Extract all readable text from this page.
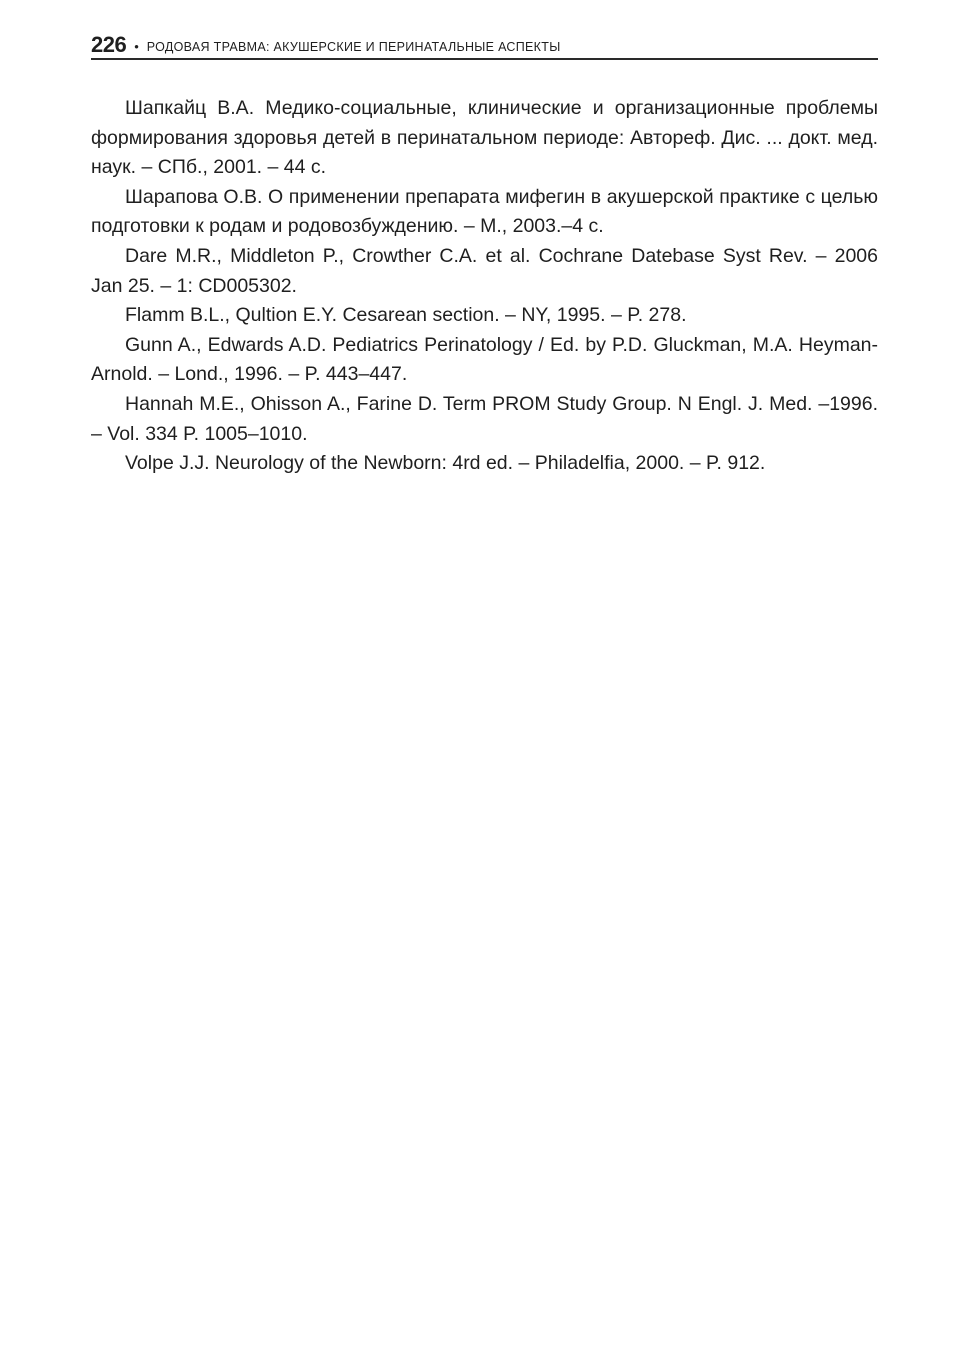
226 • РОДОВАЯ ТРАВМА: АКУШЕРСКИЕ И ПЕРИНАТАЛЬНЫЕ АСПЕКТЫ

Шапкайц В.А. Медико-социальные, клинические и организационные проблемы формирования здоровья детей в перинатальном периоде: Автореф. Дис. ... докт. мед. наук. – СПб., 2001. – 44 с.

Шарапова О.В. О применении препарата мифегин в акушерской практике с целью подготовки к родам и родовозбуждению. – М., 2003.–4 с.

Dare M.R., Middleton P., Crowther C.A. et al. Cochrane Datebase Syst Rev. – 2006 Jan 25. – 1: CD005302.

Flamm B.L., Qultion E.Y. Cesarean section. – NY, 1995. – P. 278.

Gunn A., Edwards A.D. Pediatrics Perinatology / Ed. by P.D. Gluckman, M.A. Heyman-Arnold. – Lond., 1996. – P. 443–447.

Hannah M.E., Ohisson A., Farine D. Term PROM Study Group. N Engl. J. Med. –1996. – Vol. 334 P. 1005–1010.

Volpe J.J. Neurology of the Newborn: 4rd ed. – Philadelfia, 2000. – P. 912.
